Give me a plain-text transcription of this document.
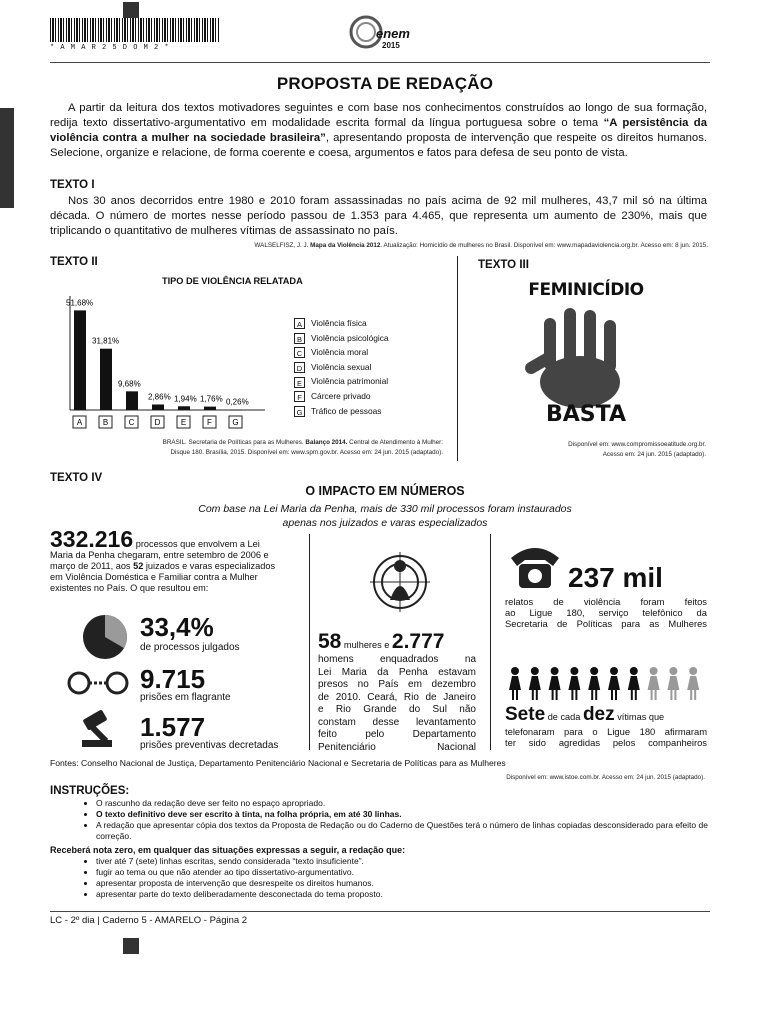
* A M A R 2 5 D O M 2 *
enem
2015
PROPOSTA DE REDAÇÃO

A partir da leitura dos textos motivadores seguintes e com base nos conhecimentos construídos ao longo de sua formação, redija texto dissertativo-argumentativo em modalidade escrita formal da língua portuguesa sobre o tema “A persistência da violência contra a mulher na sociedade brasileira”, apresentando proposta de intervenção que respeite os direitos humanos. Selecione, organize e relacione, de forma coerente e coesa, argumentos e fatos para defesa de seu ponto de vista.

TEXTO I

Nos 30 anos decorridos entre 1980 e 2010 foram assassinadas no país acima de 92 mil mulheres, 43,7 mil só na última década. O número de mortes nesse período passou de 1.353 para 4.465, que representa um aumento de 230%, mais que triplicando o quantitativo de mulheres vítimas de assassinato no país.

WALSELFISZ, J. J. Mapa da Violência 2012. Atualização: Homicídio de mulheres no Brasil. Disponível em: www.mapadaviolencia.org.br. Acesso em: 8 jun. 2015.
TEXTO II
TIPO DE VIOLÊNCIA RELATADA
51,68%
A
31,81%
B
9,68%
C
2,86%
D
1,94%
E
1,76%
F
0,26%
G
A Violência física
B Violência psicológica
C Violência moral
D Violência sexual
E Violência patrimonial
F Cárcere privado
G Tráfico de pessoas
BRASIL. Secretaria de Políticas para as Mulheres. Balanço 2014. Central de Atendimento à Mulher:
Disque 180. Brasília, 2015. Disponível em: www.spm.gov.br. Acesso em: 24 jun. 2015 (adaptado).
TEXTO III
FEMINICÍDIO
BASTA
Disponível em: www.compromissoeatitude.org.br.
Acesso em: 24 jun. 2015 (adaptado).
TEXTO IV
O IMPACTO EM NÚMEROS
Com base na Lei Maria da Penha, mais de 330 mil processos foram instaurados
apenas nos juizados e varas especializados
332.216 processos que envolvem a Lei
Maria da Penha chegaram, entre setembro de 2006 e
março de 2011, aos 52 juizados e varas especializados
em Violência Doméstica e Familiar contra a Mulher
existentes no País. O que resultou em:
33,4%
de processos julgados
9.715
prisões em flagrante
1.577
prisões preventivas decretadas
58 mulheres e 2.777
homens enquadrados na
Lei Maria da Penha estavam
presos no País em dezembro
de 2010. Ceará, Rio de Janeiro
e Rio Grande do Sul não
constam desse levantamento
feito pelo Departamento
Penitenciário Nacional
237 mil
relatos de violência foram feitos
ao Ligue 180, serviço telefônico da
Secretaria de Políticas para as Mulheres
Sete de cada dez vítimas que
telefonaram para o Ligue 180 afirmaram
ter sido agredidas pelos companheiros
Fontes: Conselho Nacional de Justiça, Departamento Penitenciário Nacional e Secretaria de Políticas para as Mulheres
Disponível em: www.istoe.com.br. Acesso em: 24 jun. 2015 (adaptado).
INSTRUÇÕES:
• O rascunho da redação deve ser feito no espaço apropriado.
• O texto definitivo deve ser escrito à tinta, na folha própria, em até 30 linhas.
• A redação que apresentar cópia dos textos da Proposta de Redação ou do Caderno de Questões terá o número de linhas copiadas desconsiderado para efeito de correção.
Receberá nota zero, em qualquer das situações expressas a seguir, a redação que:
• tiver até 7 (sete) linhas escritas, sendo considerada “texto insuficiente”.
• fugir ao tema ou que não atender ao tipo dissertativo-argumentativo.
• apresentar proposta de intervenção que desrespeite os direitos humanos.
• apresentar parte do texto deliberadamente desconectada do tema proposto.
LC - 2º dia | Caderno 5 - AMARELO - Página 2
